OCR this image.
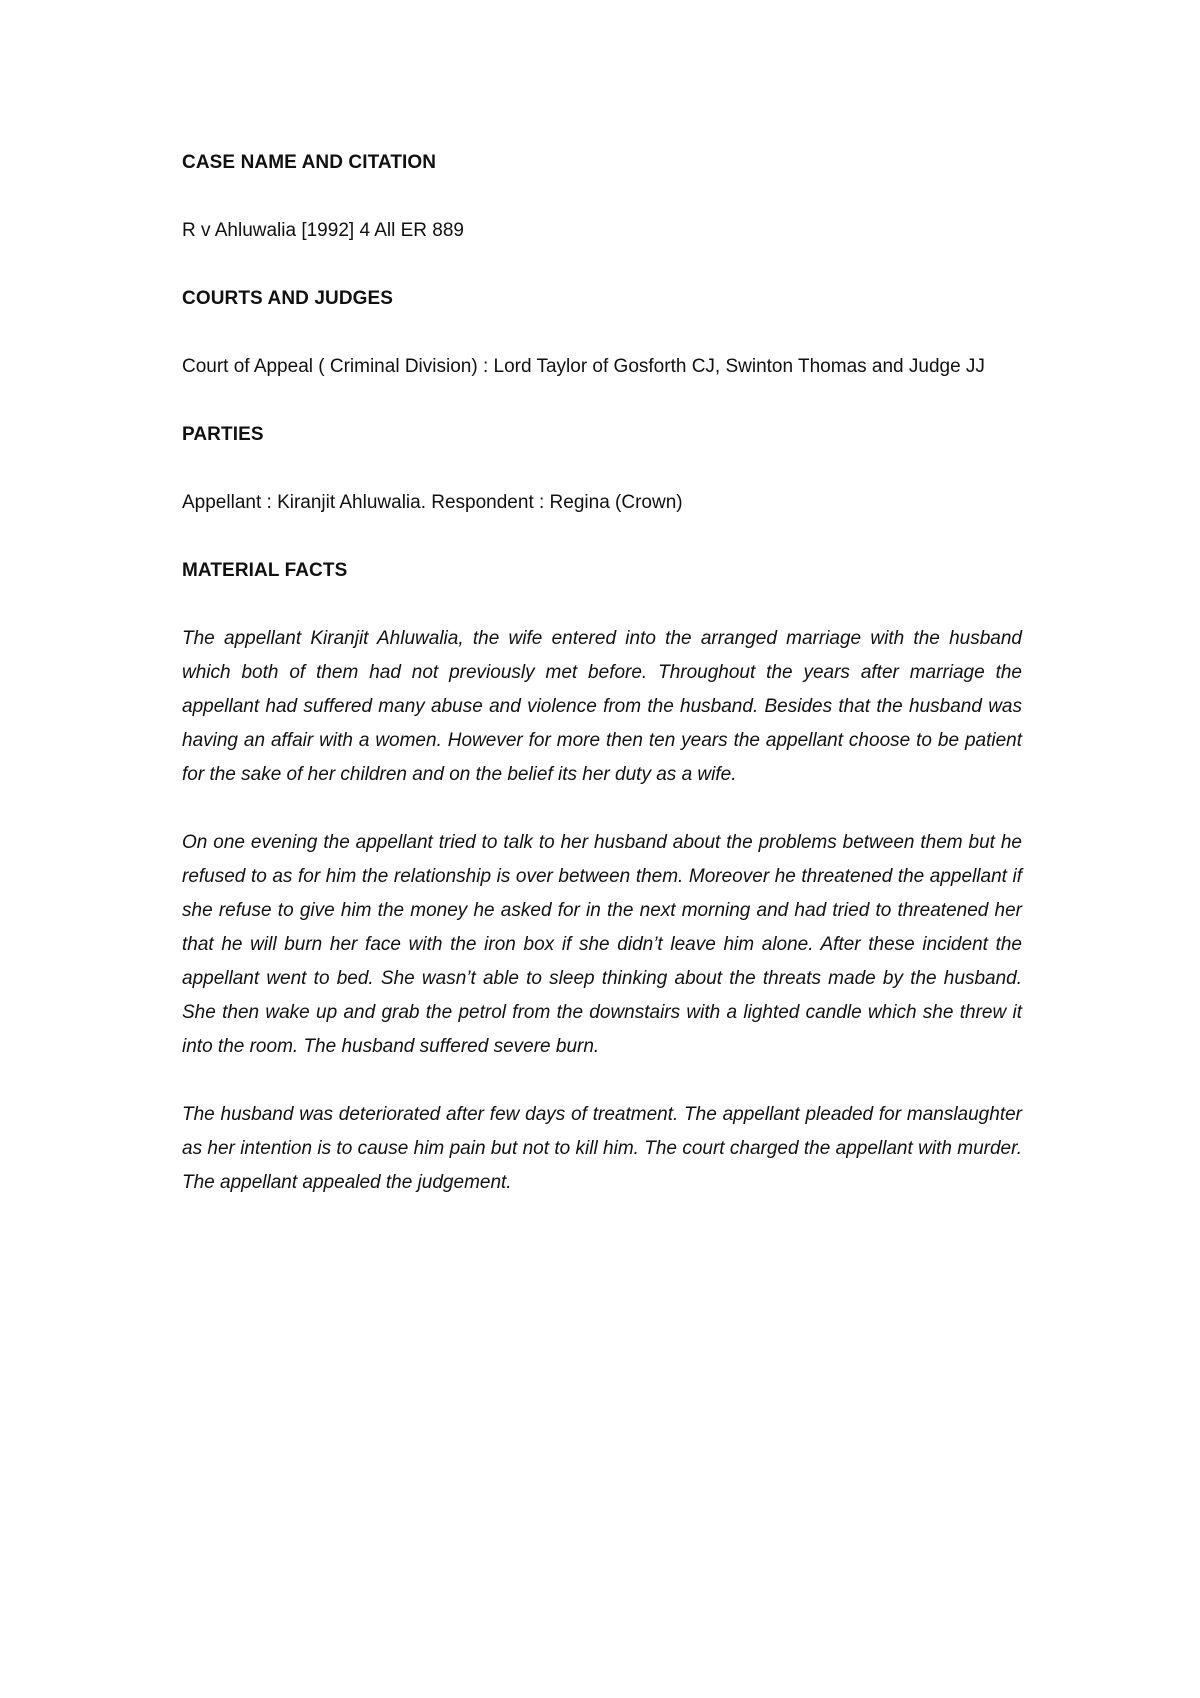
CASE NAME AND CITATION

R v Ahluwalia [1992] 4 All ER 889

COURTS AND JUDGES

Court of Appeal ( Criminal Division) : Lord Taylor of Gosforth CJ, Swinton Thomas and Judge JJ

PARTIES

Appellant : Kiranjit Ahluwalia. Respondent : Regina (Crown)

MATERIAL FACTS

The appellant Kiranjit Ahluwalia, the wife entered into the arranged marriage with the husband which both of them had not previously met before. Throughout the years after marriage the appellant had suffered many abuse and violence from the husband. Besides that the husband was having an affair with a women. However for more then ten years the appellant choose to be patient for the sake of her children and on the belief its her duty as a wife.

On one evening the appellant tried to talk to her husband about the problems between them but he refused to as for him the relationship is over between them. Moreover he threatened the appellant if she refuse to give him the money he asked for in the next morning and had tried to threatened her that he will burn her face with the iron box if she didn’t leave him alone. After these incident the appellant went to bed. She wasn’t able to sleep thinking about the threats made by the husband. She then wake up and grab the petrol from the downstairs with a lighted candle which she threw it into the room. The husband suffered severe burn.

The husband was deteriorated after few days of treatment. The appellant pleaded for manslaughter as her intention is to cause him pain but not to kill him. The court charged the appellant with murder. The appellant appealed the judgement.
